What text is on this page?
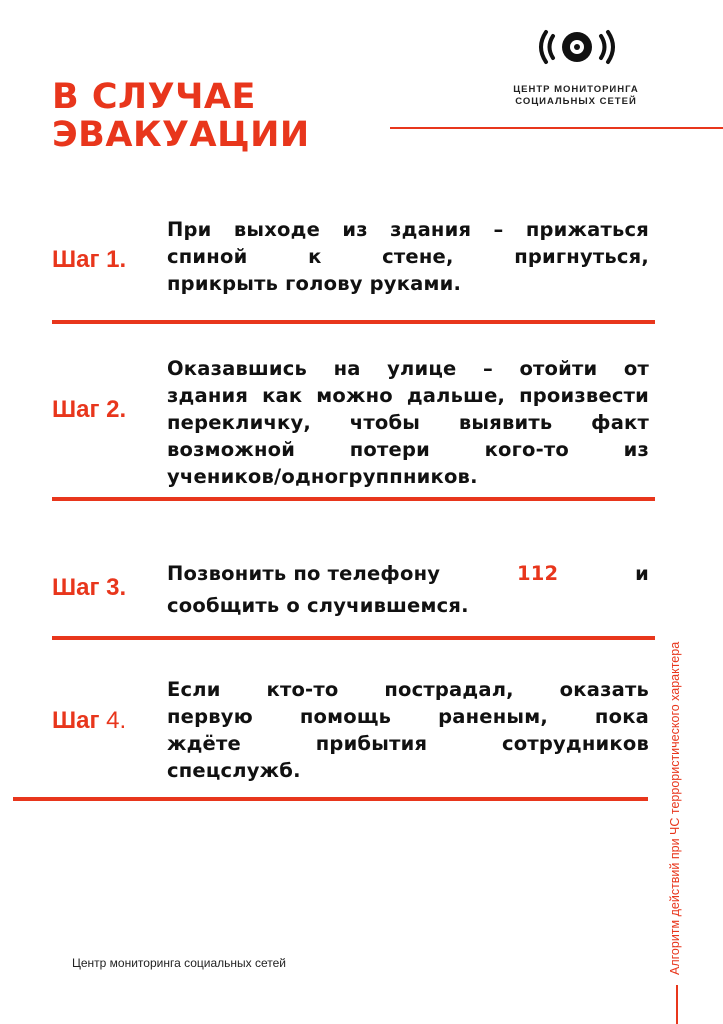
В СЛУЧАЕ
ЭВАКУАЦИИ
ЦЕНТР МОНИТОРИНГА
СОЦИАЛЬНЫХ СЕТЕЙ
Шаг 1.
При выходе из здания – прижаться
спиной к стене, пригнуться,
прикрыть голову руками.
Шаг 2.
Оказавшись на улице – отойти от
здания как можно дальше, произвести
перекличку, чтобы выявить факт
возможной потери кого-то из
учеников/одногруппников.
Шаг 3.
Позвонить по телефону	112	и
сообщить о случившемся.
Шаг 4.
Если кто-то пострадал, оказать
первую помощь раненым, пока
ждёте прибытия сотрудников
спецслужб.
Центр мониторинга социальных сетей	Алгоритм действий при ЧС террористического характера
